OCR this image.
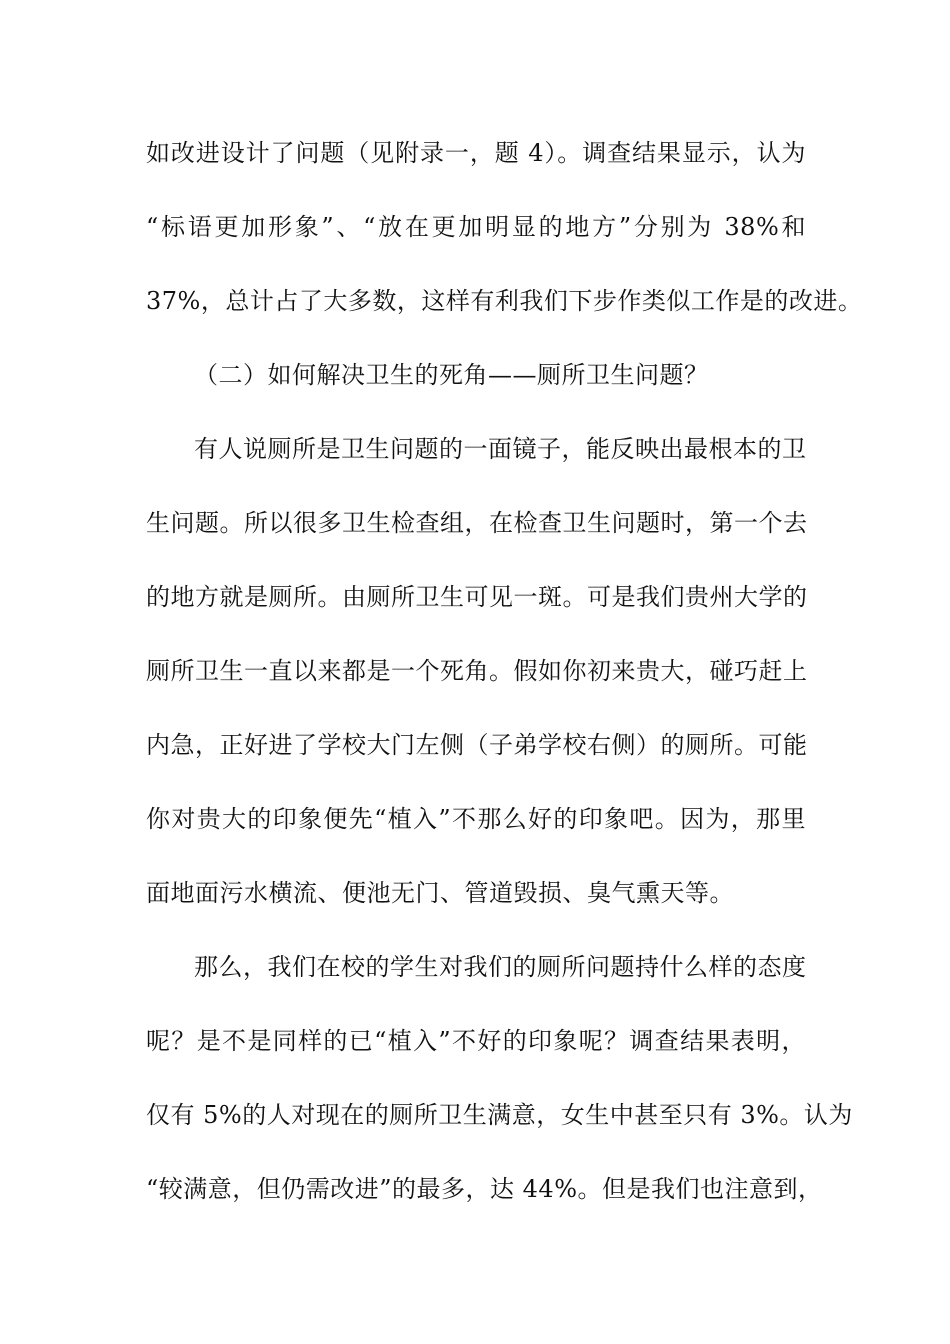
如改进设计了问题（见附录一，题 4）。调查结果显示，认为
“标语更加形象”、“放在更加明显的地方”分别为 38%和
37%，总计占了大多数，这样有利我们下步作类似工作是的改进。
（二）如何解决卫生的死角——厕所卫生问题？
有人说厕所是卫生问题的一面镜子，能反映出最根本的卫
生问题。所以很多卫生检查组，在检查卫生问题时，第一个去
的地方就是厕所。由厕所卫生可见一斑。可是我们贵州大学的
厕所卫生一直以来都是一个死角。假如你初来贵大，碰巧赶上
内急，正好进了学校大门左侧（子弟学校右侧）的厕所。可能
你对贵大的印象便先“植入”不那么好的印象吧。因为，那里
面地面污水横流、便池无门、管道毁损、臭气熏天等。
那么，我们在校的学生对我们的厕所问题持什么样的态度
呢？是不是同样的已“植入”不好的印象呢？调查结果表明，
仅有 5%的人对现在的厕所卫生满意，女生中甚至只有 3%。认为
“较满意，但仍需改进”的最多，达 44%。但是我们也注意到，
